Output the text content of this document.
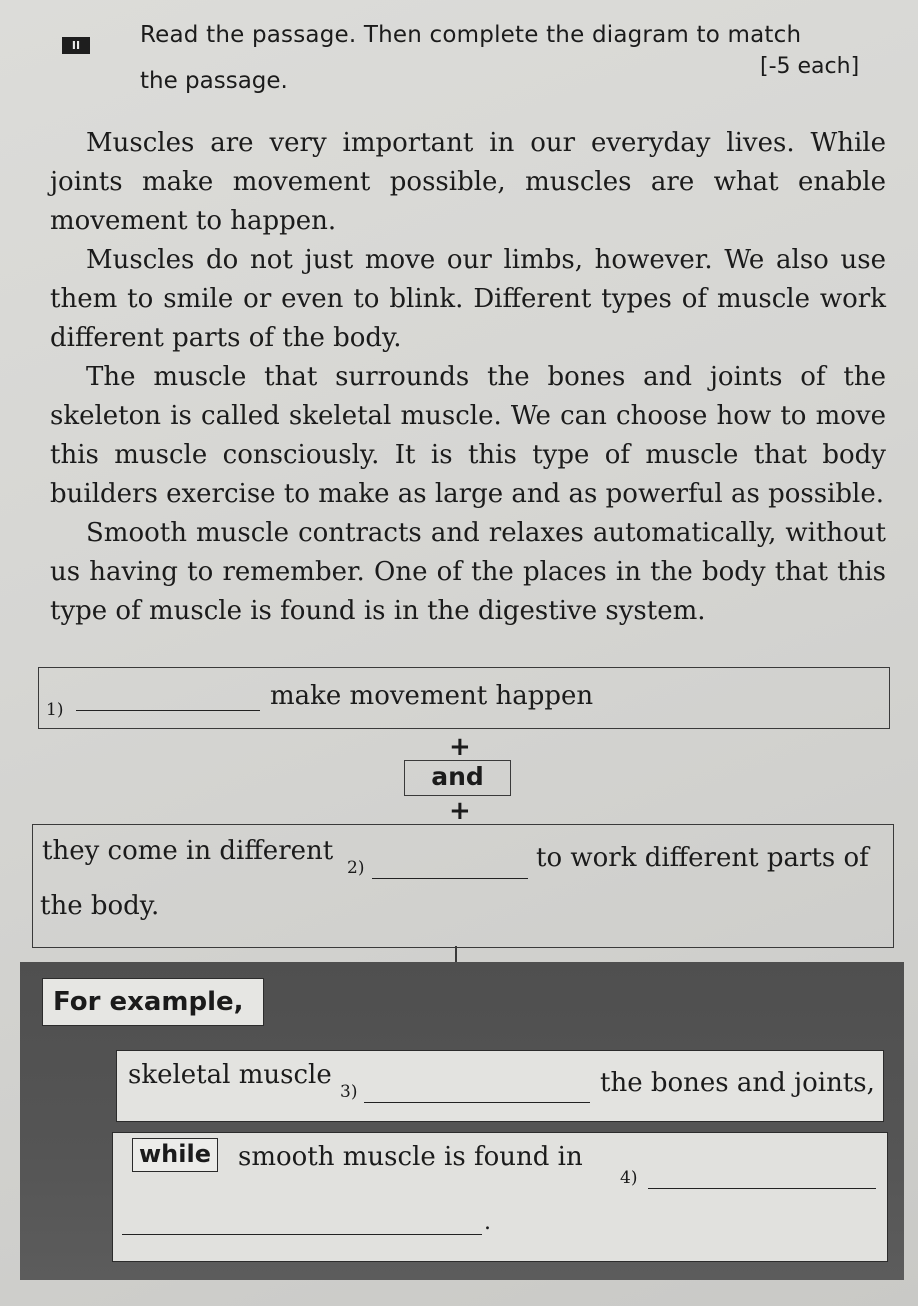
II	Read the passage. Then complete the diagram to match
the passage.
[-5 each]

Muscles are very important in our everyday lives. While joints make movement possible, muscles are what enable movement to happen.

Muscles do not just move our limbs, however. We also use them to smile or even to blink. Different types of muscle work different parts of the body.

The muscle that surrounds the bones and joints of the skeleton is called skeletal muscle. We can choose how to move this muscle consciously. It is this type of muscle that body builders exercise to make as large and as powerful as possible.

Smooth muscle contracts and relaxes automatically, without us having to remember. One of the places in the body that this type of muscle is found is in the digestive system.

1)	make movement happen
+
and
+
they come in different
2)	to work different parts of
the body.
For example,
skeletal muscle
3)	the bones and joints,
while smooth muscle is found in
4)
.
